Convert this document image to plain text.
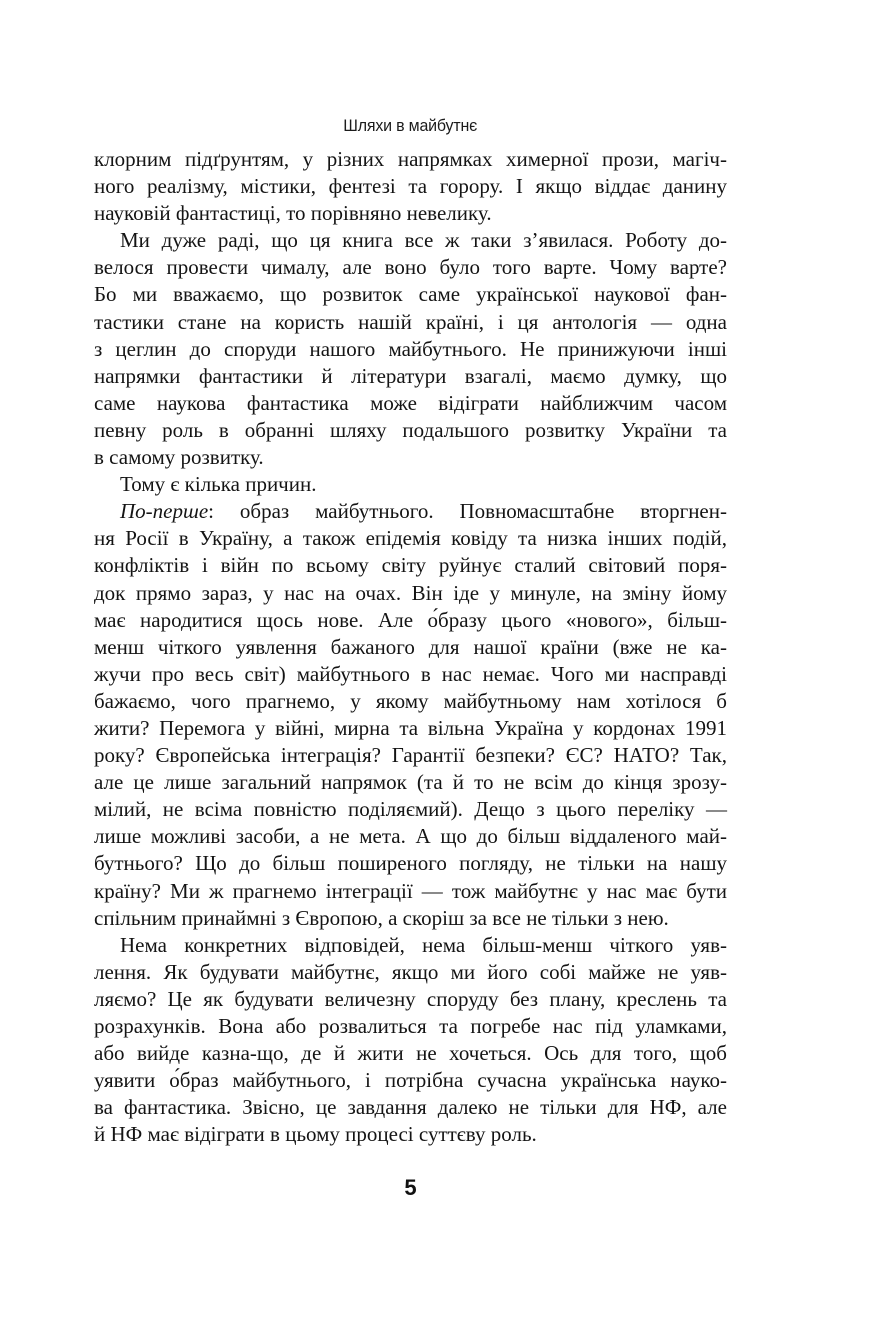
Шляхи в майбутнє
клорним підґрунтям, у різних напрямках химерної прози, магіч-
ного реалізму, містики, фентезі та горору. І якщо віддає данину
науковій фантастиці, то порівняно невелику.
Ми дуже раді, що ця книга все ж таки з’явилася. Роботу до-
велося провести чималу, але воно було того варте. Чому варте?
Бо ми вважаємо, що розвиток саме української наукової фан-
тастики стане на користь нашій країні, і ця антологія — одна
з цеглин до споруди нашого майбутнього. Не принижуючи інші
напрямки фантастики й літератури взагалі, маємо думку, що
саме наукова фантастика може відіграти найближчим часом
певну роль в обранні шляху подальшого розвитку України та
в самому розвитку.
Тому є кілька причин.
По-перше: образ майбутнього. Повномасштабне вторгнен-
ня Росії в Україну, а також епідемія ковіду та низка інших подій,
конфліктів і війн по всьому світу руйнує сталий світовий поря-
док прямо зараз, у нас на очах. Він іде у минуле, на зміну йому
має народитися щось нове. Але о́бразу цього «нового», більш-
менш чіткого уявлення бажаного для нашої країни (вже не ка-
жучи про весь світ) майбутнього в нас немає. Чого ми насправді
бажаємо, чого прагнемо, у якому майбутньому нам хотілося б
жити? Перемога у війні, мирна та вільна Україна у кордонах 1991
року? Європейська інтеграція? Гарантії безпеки? ЄС? НАТО? Так,
але це лише загальний напрямок (та й то не всім до кінця зрозу-
мілий, не всіма повністю поділяємий). Дещо з цього переліку —
лише можливі засоби, а не мета. А що до більш віддаленого май-
бутнього? Що до більш поширеного погляду, не тільки на нашу
країну? Ми ж прагнемо інтеграції — тож майбутнє у нас має бути
спільним принаймні з Європою, а скоріш за все не тільки з нею.
Нема конкретних відповідей, нема більш-менш чіткого уяв-
лення. Як будувати майбутнє, якщо ми його собі майже не уяв-
ляємо? Це як будувати величезну споруду без плану, креслень та
розрахунків. Вона або розвалиться та погребе нас під уламками,
або вийде казна-що, де й жити не хочеться. Ось для того, щоб
уявити о́браз майбутнього, і потрібна сучасна українська науко-
ва фантастика. Звісно, це завдання далеко не тільки для НФ, але
й НФ має відіграти в цьому процесі суттєву роль.
5
